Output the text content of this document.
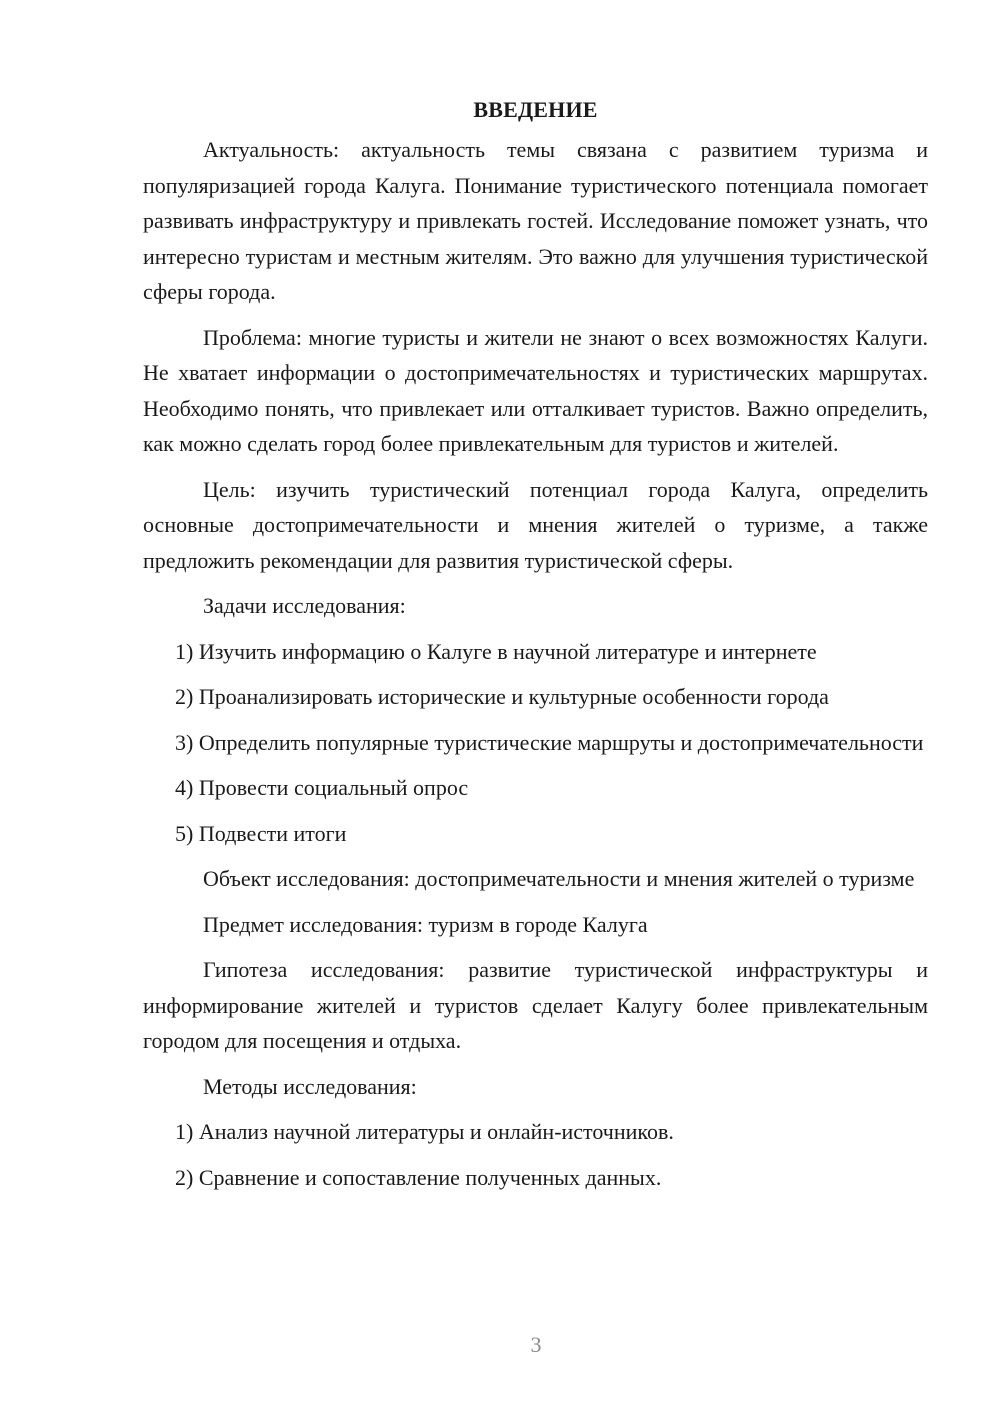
ВВЕДЕНИЕ

Актуальность: актуальность темы связана с развитием туризма и популяризацией города Калуга. Понимание туристического потенциала помогает развивать инфраструктуру и привлекать гостей. Исследование поможет узнать, что интересно туристам и местным жителям. Это важно для улучшения туристической сферы города.

Проблема: многие туристы и жители не знают о всех возможностях Калуги. Не хватает информации о достопримечательностях и туристических маршрутах. Необходимо понять, что привлекает или отталкивает туристов. Важно определить, как можно сделать город более привлекательным для туристов и жителей.

Цель: изучить туристический потенциал города Калуга, определить основные достопримечательности и мнения жителей о туризме, а также предложить рекомендации для развития туристической сферы.

Задачи исследования:

1) Изучить информацию о Калуге в научной литературе и интернете

2) Проанализировать исторические и культурные особенности города

3) Определить популярные туристические маршруты и достопримечательности

4) Провести социальный опрос

5) Подвести итоги

Объект исследования: достопримечательности и мнения жителей о туризме

Предмет исследования: туризм в городе Калуга

Гипотеза исследования: развитие туристической инфраструктуры и информирование жителей и туристов сделает Калугу более привлекательным городом для посещения и отдыха.

Методы исследования:

1) Анализ научной литературы и онлайн-источников.

2) Сравнение и сопоставление полученных данных.

3
